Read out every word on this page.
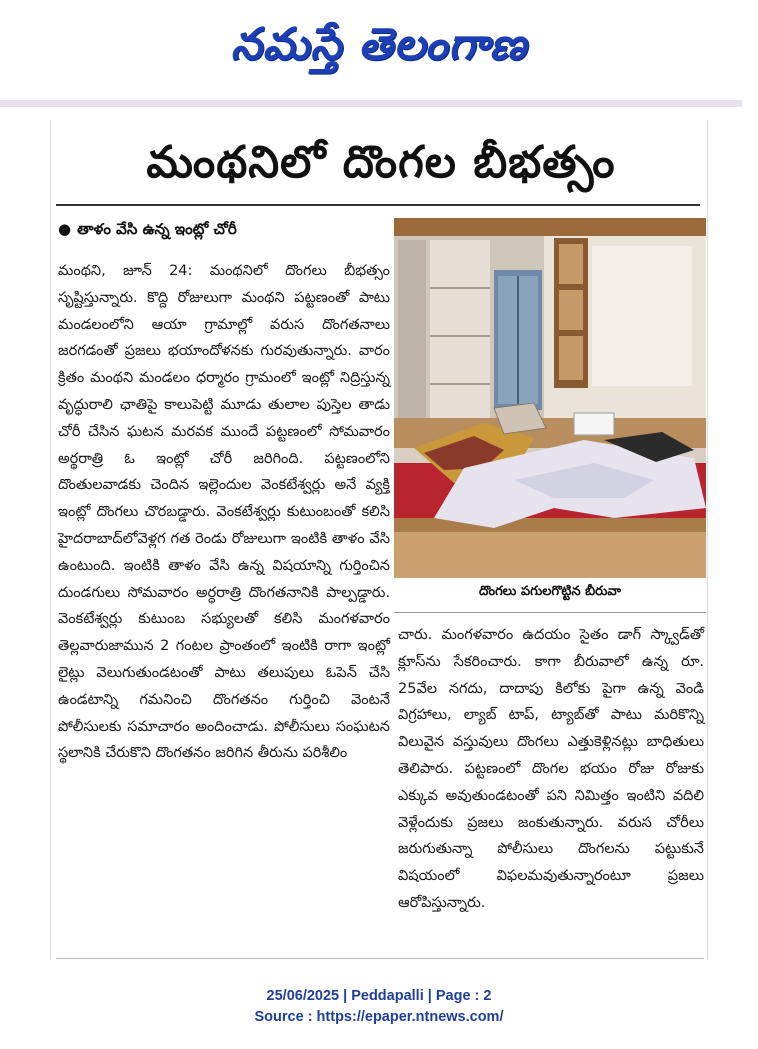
నమస్తే తెలంగాణ
మంథనిలో దొంగల బీభత్సం
● తాళం వేసి ఉన్న ఇంట్లో చోరీ

మంథని, జూన్ 24: మంథనిలో దొంగలు బీభత్సం సృష్టిస్తున్నారు. కొద్ది రోజులుగా మంథని పట్టణంతో పాటు మండలంలోని ఆయా గ్రామాల్లో వరుస దొంగతనాలు జరగడంతో ప్రజలు భయాందోళనకు గురవుతున్నారు. వారం క్రితం మంథని మండలం ధర్మారం గ్రామంలో ఇంట్లో నిద్రిస్తున్న వృద్ధురాలి ఛాతిపై కాలుపెట్టి మూడు తులాల పుస్తెల తాడు చోరీ చేసిన ఘటన మరవక ముందే పట్టణంలో సోమవారం అర్థరాత్రి ఓ ఇంట్లో చోరీ జరిగింది. పట్టణంలోని దొంతులవాడకు చెందిన ఇల్లెందుల వెంకటేశ్వర్లు అనే వ్యక్తి ఇంట్లో దొంగలు చొరబడ్డారు. వెంకటేశ్వర్లు కుటుంబంతో కలిసి హైదరాబాద్‌లోవెళ్లగ గత రెండు రోజులుగా ఇంటికి తాళం వేసి ఉంటుంది. ఇంటికి తాళం వేసి ఉన్న విషయాన్ని గుర్తించిన దుండగులు సోమవారం అర్ధరాత్రి దొంగతనానికి పాల్పడ్డారు. వెంకటేశ్వర్లు కుటుంబ సభ్యులతో కలిసి మంగళవారం తెల్లవారుజామున 2 గంటల ప్రాంతంలో ఇంటికి రాగా ఇంట్లో లైట్లు వెలుగుతుండటంతో పాటు తలుపులు ఓపెన్ చేసి ఉండటాన్ని గమనించి దొంగతనం గుర్తించి వెంటనే పోలీసులకు సమాచారం అందించాడు. పోలీసులు సంఘటన స్థలానికి చేరుకొని దొంగతనం జరిగిన తీరును పరిశీలిం

దొంగలు పగులగొట్టిన బీరువా

చారు. మంగళవారం ఉదయం సైతం డాగ్ స్క్వాడ్‌తో క్లూస్‌ను సేకరించారు. కాగా బీరువాలో ఉన్న రూ. 25వేల నగదు, దాదాపు కిలోకు పైగా ఉన్న వెండి విగ్రహాలు, ల్యాబ్ టాప్, ట్యాబ్‌తో పాటు మరికొన్ని విలువైన వస్తువులు దొంగలు ఎత్తుకెళ్లినట్లు బాధితులు తెలిపారు. పట్టణంలో దొంగల భయం రోజు రోజుకు ఎక్కువ అవుతుండటంతో పని నిమిత్తం ఇంటిని వదిలి వెళ్లేందుకు ప్రజలు జంకుతున్నారు. వరుస చోరీలు జరుగుతున్నా పోలీసులు దొంగలను పట్టుకునే విషయంలో విఫలమవుతున్నారంటూ ప్రజలు ఆరోపిస్తున్నారు.

25/06/2025 | Peddapalli | Page : 2
Source : https://epaper.ntnews.com/
